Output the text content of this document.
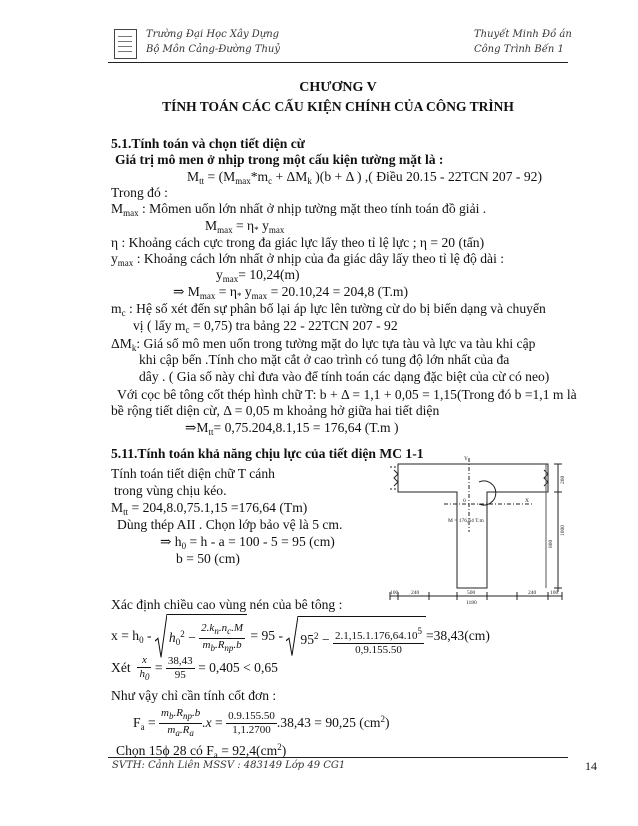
Trường Đại Học Xây Dựng
Bộ Môn Cảng-Đường Thuỷ
Thuyết Minh Đồ án
Công Trình Bến 1
CHƯƠNG V
TÍNH TOÁN CÁC CẤU KIỆN CHÍNH CỦA CÔNG TRÌNH
5.1.Tính toán và chọn tiết diện cừ
Giá trị mô men ở nhịp trong một cấu kiện tường mặt là :
$M_{tt} = (M_{max}*m_c + \Delta M_k$ )(b + Δ ) ,( Điều 20.15 - 22TCN 207 - 92)
Trong đó :
$M_{max}$ : Mômen uốn lớn nhất ở nhịp tường mặt theo tính toán đồ giải .
$M_{max} = \eta_*$ $y_{max}$
η : Khoảng cách cực trong đa giác lực lấy theo tỉ lệ lực ; η = 20 (tấn)
$y_{max}$ : Khoảng cách lớn nhất ở nhịp của đa giác dây lấy theo tỉ lệ độ dài :
$y_{max}= 10,24(m)$
⇒ $M_{max} = \eta_*$ $y_{max} = 20.10,24 = 204,8$ (T.m)
$m_c$ : Hệ số xét đến sự phân bố lại áp lực lên tường cừ do bị biến dạng và chuyển
vị ( lấy $m_c = 0,75$) tra bảng 22 - 22TCN 207 - 92
$\Delta M_k$: Giá số mô men uốn trong tường mặt do lực tựa tàu và lực va tàu khi cập
khi cập bến .Tính cho mặt cắt ở cao trình có tung độ lớn nhất của đa
dây . ( Gia số này chỉ đưa vào để tính toán các dạng đặc biệt của cừ có neo)
Với cọc bê tông cốt thép hình chữ T: b + Δ = 1,1 + 0,05 = 1,15(Trong đó b =1,1 m là
bề rộng tiết diện cừ, Δ = 0,05 m khoảng hở giữa hai tiết diện
$\Rightarrow M_{tt}= 0,75.204,8.1,15 = 176,64$ (T.m )
5.11.Tính toán khả năng chịu lực của tiết diện MC 1-1
Tính toán tiết diện chữ T cánh
trong vùng chịu kéo.
$M_{tt} = 204,8.0,75.1,15 =176,64$ (Tm)
Dùng thép AII . Chọn lớp bảo vệ là 5 cm.
⇒ $h_0 = h - a = 100 - 5 = 95$ (cm)
b = 50 (cm)
Y
X
0
M = 176,64 T.m
200
1000
800
100 240	500	240	100
1180
Xác định chiều cao vùng nén của bê tông :
$x = h_0 - h_0^2 - \frac{2.k_n.n_c.M}{m_b.R_{np}.b} = 95 - 95^2 - \frac{2.1,15.1.176,64.10^5}{0,9.155.50} =38,43(cm)$
Xét $\frac{x}{h_0} = \frac{38,43}{95} = 0,405 < 0,65$
Như vậy chỉ cần tính cốt đơn :
$F_a = \frac{m_b.R_{np}.b}{m_a.R_a} .x = \frac{0.9.155.50}{1,1.2700} .38,43 = 90,25$ $(cm^2)$
Chọn 15ϕ 28 có $F_a = 92,4(cm^2)$
SVTH: Cảnh Liên MSSV : 483149 Lớp 49 CG1	14
